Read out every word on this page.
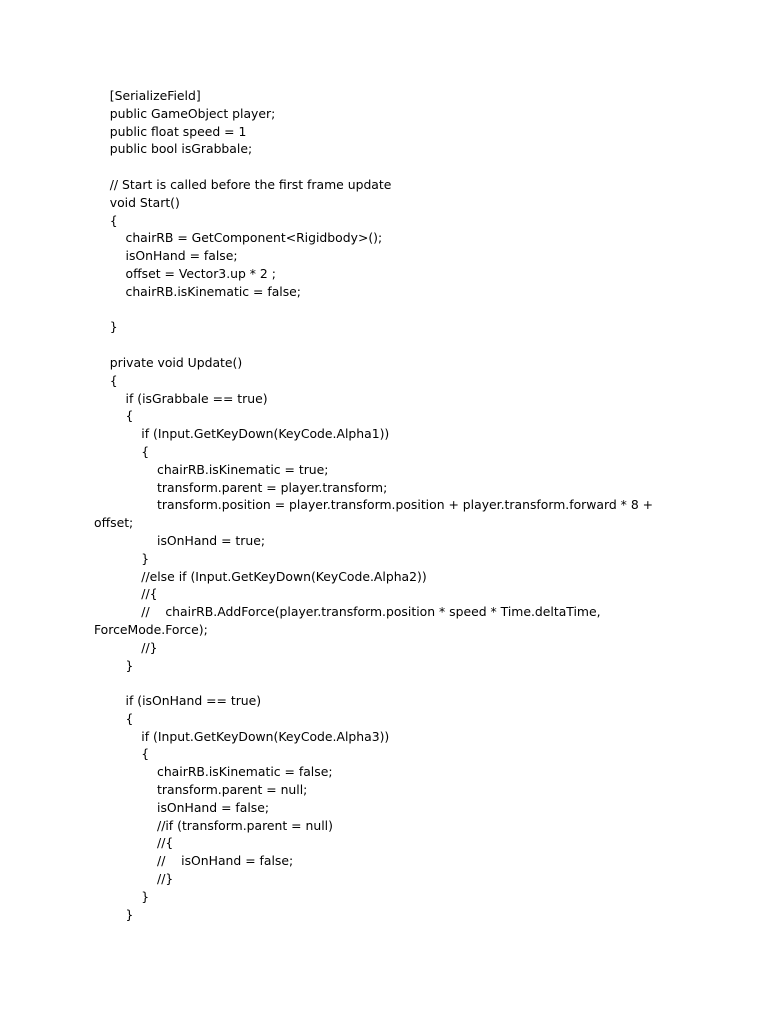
[SerializeField]
public GameObject player;
public float speed = 1
public bool isGrabbale;
// Start is called before the first frame update
void Start()
{
chairRB = GetComponent<Rigidbody>();
isOnHand = false;
offset = Vector3.up * 2 ;
chairRB.isKinematic = false;
}
private void Update()
{
if (isGrabbale == true)
{
if (Input.GetKeyDown(KeyCode.Alpha1))
{
chairRB.isKinematic = true;
transform.parent = player.transform;
transform.position = player.transform.position + player.transform.forward * 8 +
offset;
isOnHand = true;
}
//else if (Input.GetKeyDown(KeyCode.Alpha2))
//{
//    chairRB.AddForce(player.transform.position * speed * Time.deltaTime,
ForceMode.Force);
//}
}
if (isOnHand == true)
{
if (Input.GetKeyDown(KeyCode.Alpha3))
{
chairRB.isKinematic = false;
transform.parent = null;
isOnHand = false;
//if (transform.parent = null)
//{
//    isOnHand = false;
//}
}
}
